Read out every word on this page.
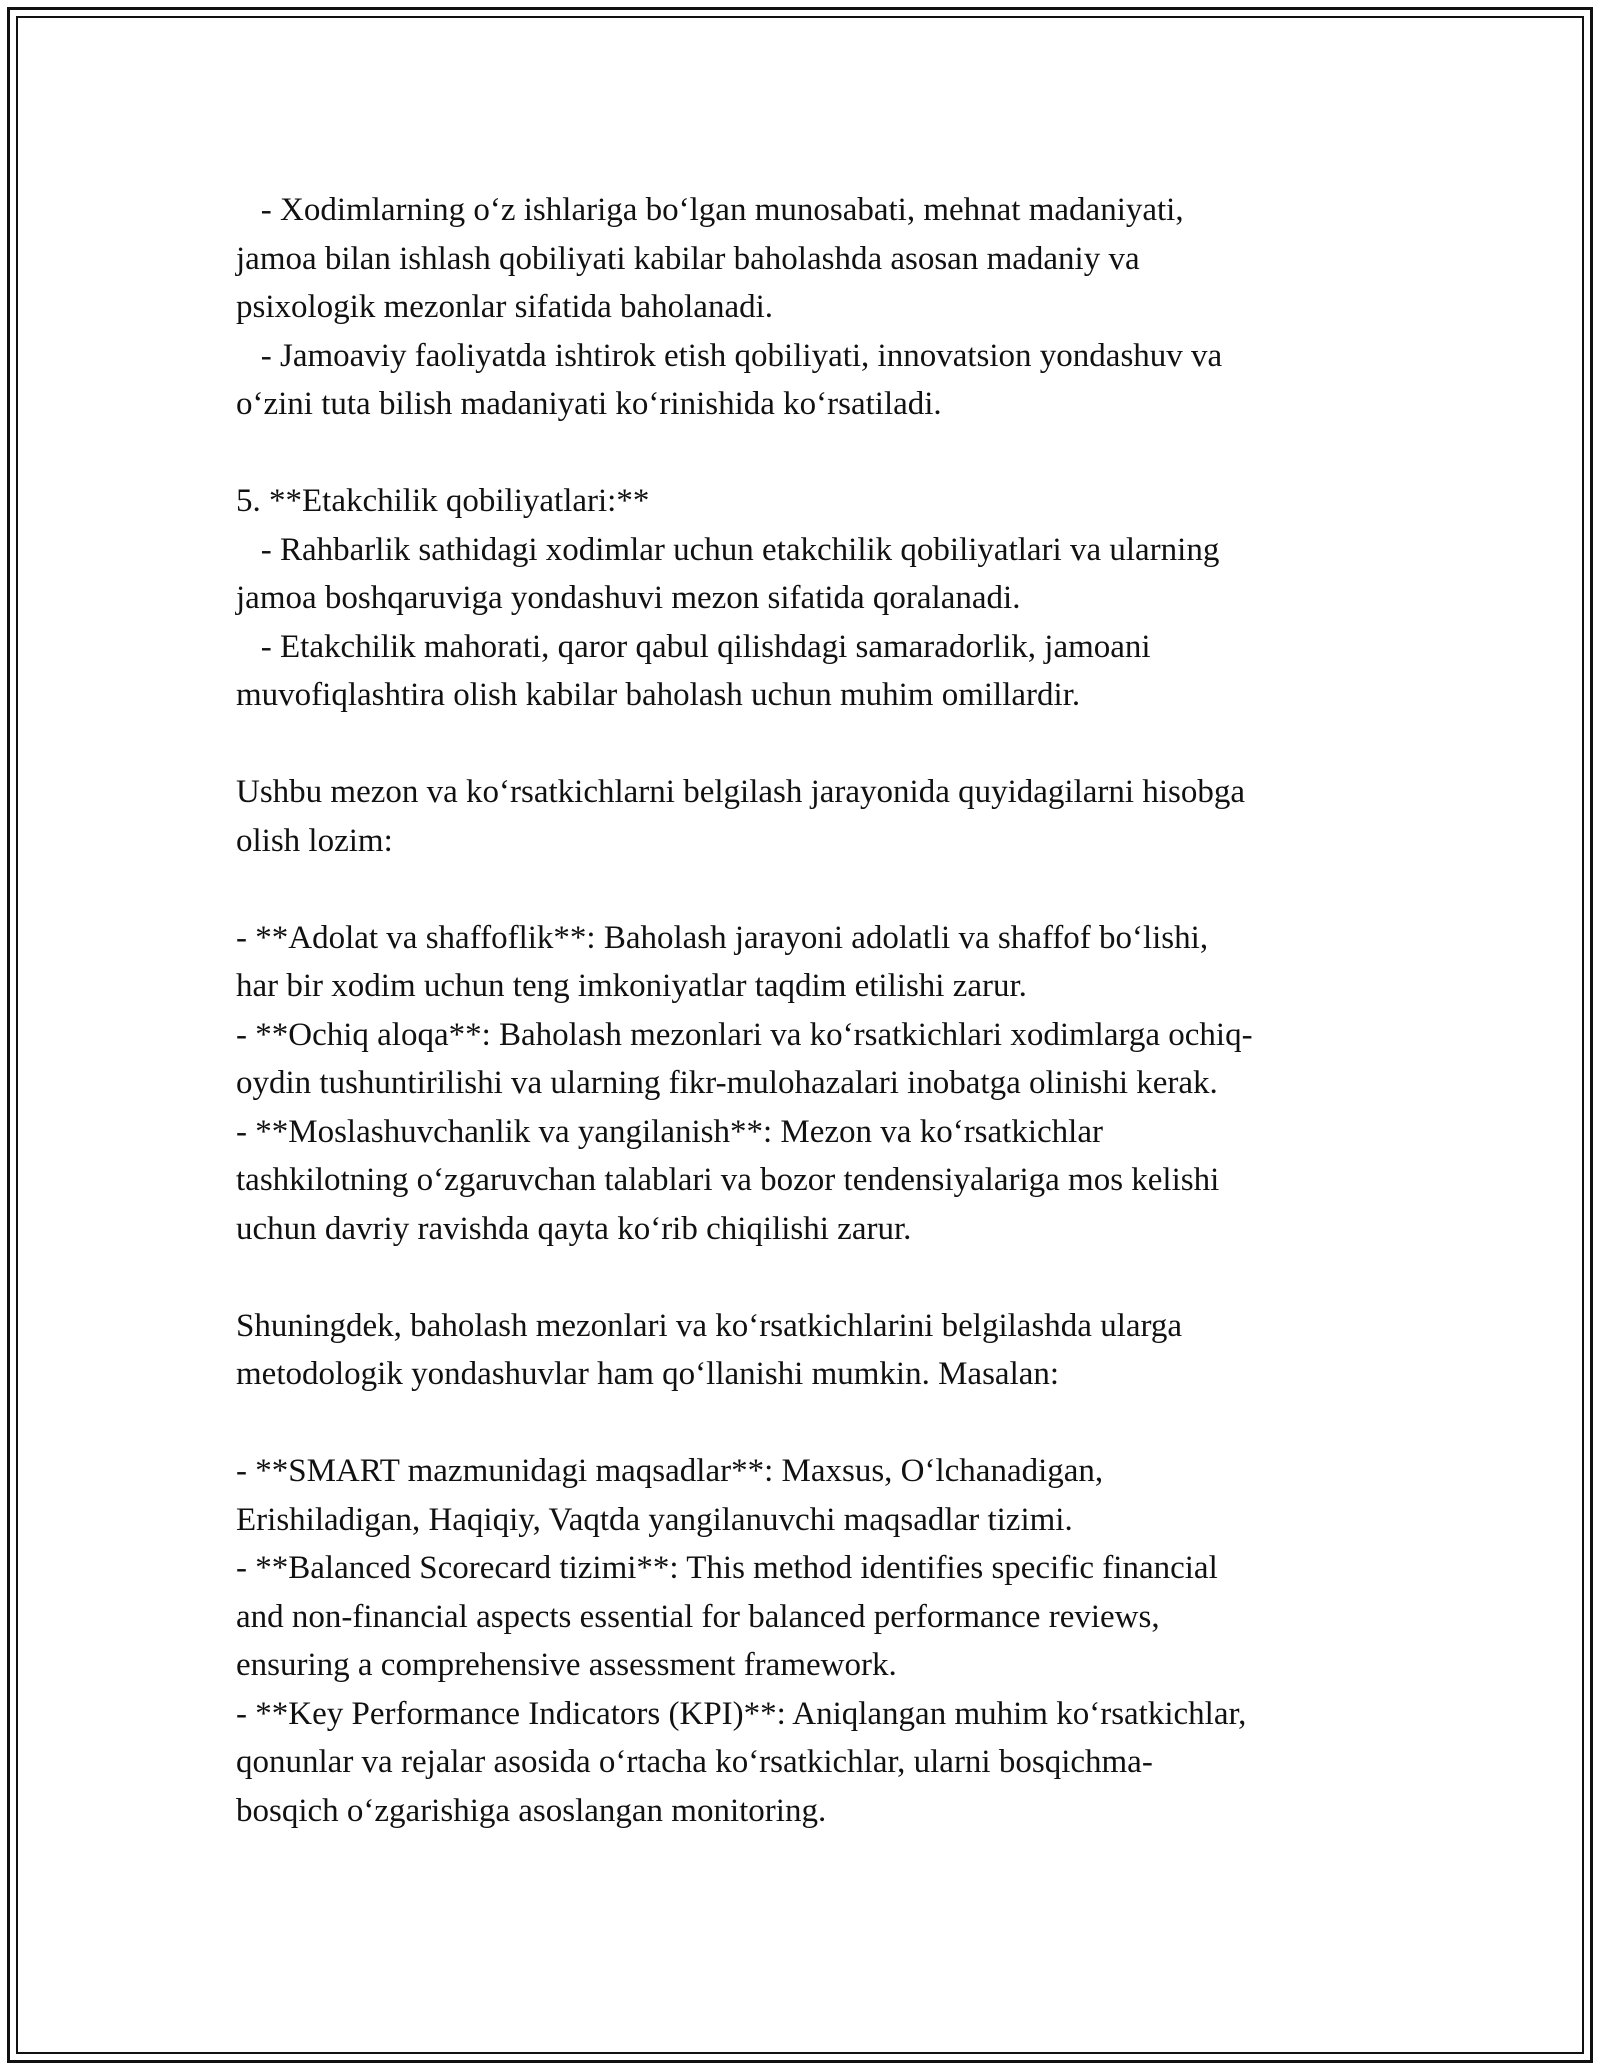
- Xodimlarning o‘z ishlariga bo‘lgan munosabati, mehnat madaniyati,

jamoa bilan ishlash qobiliyati kabilar baholashda asosan madaniy va

psixologik mezonlar sifatida baholanadi.

- Jamoaviy faoliyatda ishtirok etish qobiliyati, innovatsion yondashuv va

o‘zini tuta bilish madaniyati ko‘rinishida ko‘rsatiladi.

5. **Etakchilik qobiliyatlari:**

- Rahbarlik sathidagi xodimlar uchun etakchilik qobiliyatlari va ularning

jamoa boshqaruviga yondashuvi mezon sifatida qoralanadi.

- Etakchilik mahorati, qaror qabul qilishdagi samaradorlik, jamoani

muvofiqlashtira olish kabilar baholash uchun muhim omillardir.

Ushbu mezon va ko‘rsatkichlarni belgilash jarayonida quyidagilarni hisobga

olish lozim:

- **Adolat va shaffoflik**: Baholash jarayoni adolatli va shaffof bo‘lishi,

har bir xodim uchun teng imkoniyatlar taqdim etilishi zarur.

- **Ochiq aloqa**: Baholash mezonlari va ko‘rsatkichlari xodimlarga ochiq-

oydin tushuntirilishi va ularning fikr-mulohazalari inobatga olinishi kerak.

- **Moslashuvchanlik va yangilanish**: Mezon va ko‘rsatkichlar

tashkilotning o‘zgaruvchan talablari va bozor tendensiyalariga mos kelishi

uchun davriy ravishda qayta ko‘rib chiqilishi zarur.

Shuningdek, baholash mezonlari va ko‘rsatkichlarini belgilashda ularga

metodologik yondashuvlar ham qo‘llanishi mumkin. Masalan:

- **SMART mazmunidagi maqsadlar**: Maxsus, O‘lchanadigan,

Erishiladigan, Haqiqiy, Vaqtda yangilanuvchi maqsadlar tizimi.

- **Balanced Scorecard tizimi**: This method identifies specific financial

and non-financial aspects essential for balanced performance reviews,

ensuring a comprehensive assessment framework.

- **Key Performance Indicators (KPI)**: Aniqlangan muhim ko‘rsatkichlar,

qonunlar va rejalar asosida o‘rtacha ko‘rsatkichlar, ularni bosqichma-

bosqich o‘zgarishiga asoslangan monitoring.
